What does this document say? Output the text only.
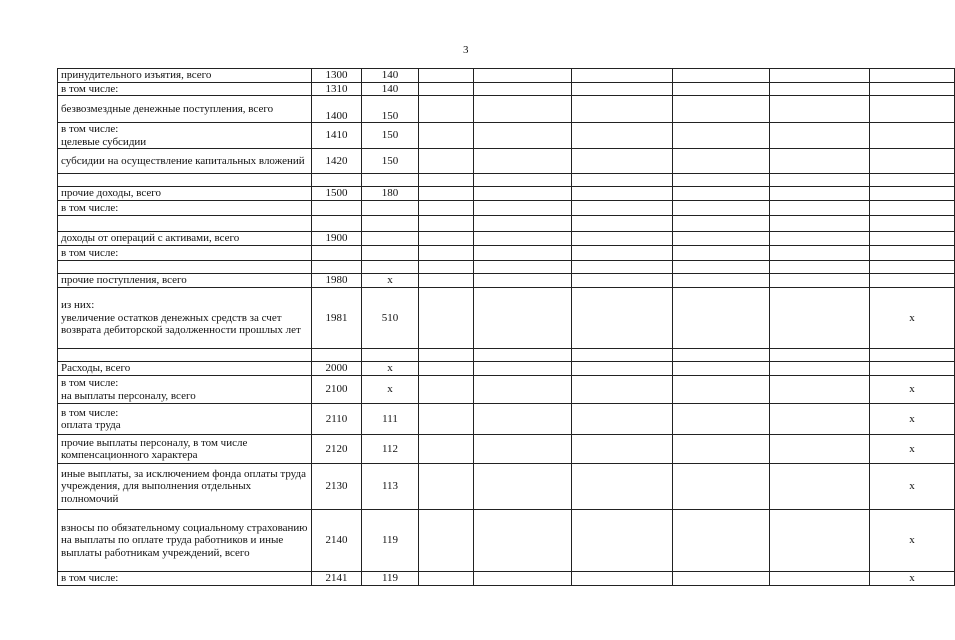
3
принудительного изъятия, всего	1300	140						
в том числе:	1310	140						
безвозмездные денежные поступления, всего	1400	150						
в том числе:
целевые субсидии	1410	150						
субсидии на осуществление капитальных вложений	1420	150						

прочие доходы, всего	1500	180						
в том числе:								

доходы от операций с активами, всего	1900							
в том числе:								

прочие поступления, всего	1980	х						
из них:
увеличение остатков денежных средств за счет возврата дебиторской задолженности прошлых лет	1981	510						х

Расходы, всего	2000	х						
в том числе:
на выплаты персоналу, всего	2100	х						х
в том числе:
оплата труда	2110	111						х
прочие выплаты персоналу, в том числе компенсационного характера	2120	112						х
иные выплаты, за исключением фонда оплаты труда учреждения, для выполнения отдельных полномочий	2130	113						х
взносы по обязательному социальному страхованию на выплаты по оплате труда работников и иные выплаты работникам учреждений, всего	2140	119						х
в том числе:	2141	119						х
